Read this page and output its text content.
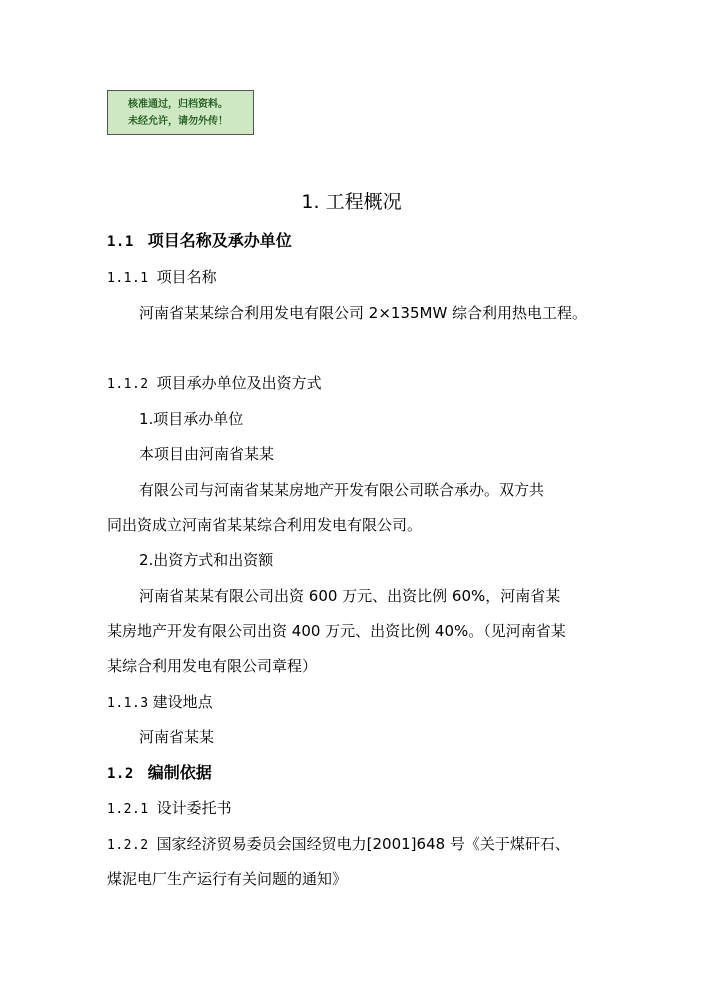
核准通过，归档资料。
未经允许，请勿外传！
1. 工程概况
1.1 项目名称及承办单位
1.1.1 项目名称
河南省某某综合利用发电有限公司 2×135MW 综合利用热电工程。
1.1.2 项目承办单位及出资方式
1.项目承办单位
本项目由河南省某某
有限公司与河南省某某房地产开发有限公司联合承办。双方共
同出资成立河南省某某综合利用发电有限公司。
2.出资方式和出资额
河南省某某有限公司出资 600 万元、出资比例 60%，河南省某
某房地产开发有限公司出资 400 万元、出资比例 40%。（见河南省某
某综合利用发电有限公司章程）
1.1.3 建设地点
河南省某某
1.2 编制依据
1.2.1 设计委托书
1.2.2 国家经济贸易委员会国经贸电力[2001]648 号《关于煤矸石、
煤泥电厂生产运行有关问题的通知》
